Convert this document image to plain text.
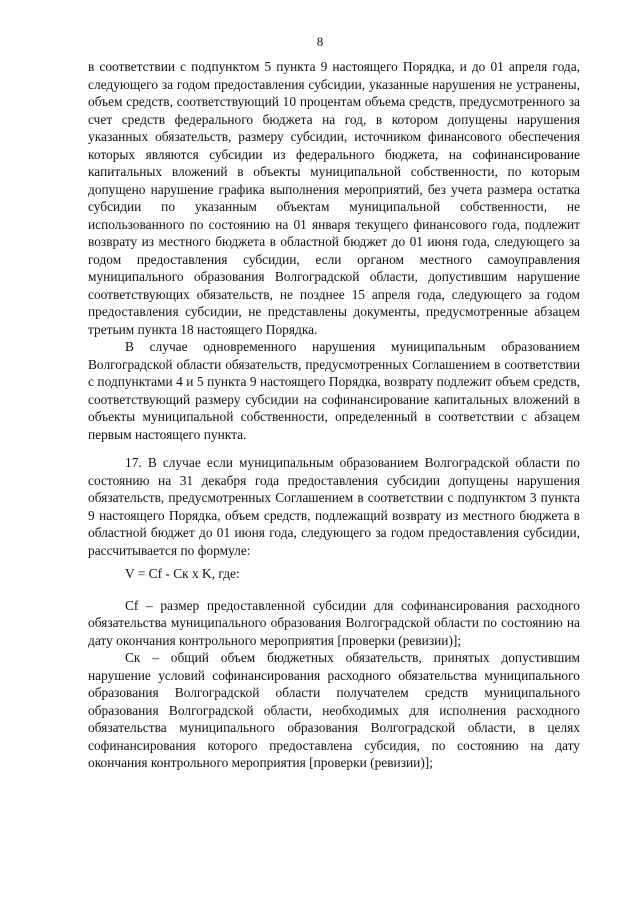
8

в соответствии с подпунктом 5 пункта 9 настоящего Порядка, и до 01 апреля года, следующего за годом предоставления субсидии, указанные нарушения не устранены, объем средств, соответствующий 10 процентам объема средств, предусмотренного за счет средств федерального бюджета на год, в котором допущены нарушения указанных обязательств, размеру субсидии, источником финансового обеспечения которых являются субсидии из федерального бюджета, на софинансирование капитальных вложений в объекты муниципальной собственности, по которым допущено нарушение графика выполнения мероприятий, без учета размера остатка субсидии по указанным объектам муниципальной собственности, не использованного по состоянию на 01 января текущего финансового года, подлежит возврату из местного бюджета в областной бюджет до 01 июня года, следующего за годом предоставления субсидии, если органом местного самоуправления муниципального образования Волгоградской области, допустившим нарушение соответствующих обязательств, не позднее 15 апреля года, следующего за годом предоставления субсидии, не представлены документы, предусмотренные абзацем третьим пункта 18 настоящего Порядка.

В случае одновременного нарушения муниципальным образованием Волгоградской области обязательств, предусмотренных Соглашением в соответствии с подпунктами 4 и 5 пункта 9 настоящего Порядка, возврату подлежит объем средств, соответствующий размеру субсидии на софинансирование капитальных вложений в объекты муниципальной собственности, определенный в соответствии с абзацем первым настоящего пункта.

17. В случае если муниципальным образованием Волгоградской области по состоянию на 31 декабря года предоставления субсидии допущены нарушения обязательств, предусмотренных Соглашением в соответствии с подпунктом 3 пункта 9 настоящего Порядка, объем средств, подлежащий возврату из местного бюджета в областной бюджет до 01 июня года, следующего за годом предоставления субсидии, рассчитывается по формуле:

V = Cf - Cк x K, где:

Cf – размер предоставленной субсидии для софинансирования расходного обязательства муниципального образования Волгоградской области по состоянию на дату окончания контрольного мероприятия [проверки (ревизии)];

Cк – общий объем бюджетных обязательств, принятых допустившим нарушение условий софинансирования расходного обязательства муниципального образования Волгоградской области получателем средств муниципального образования Волгоградской области, необходимых для исполнения расходного обязательства муниципального образования Волгоградской области, в целях софинансирования которого предоставлена субсидия, по состоянию на дату окончания контрольного мероприятия [проверки (ревизии)];
